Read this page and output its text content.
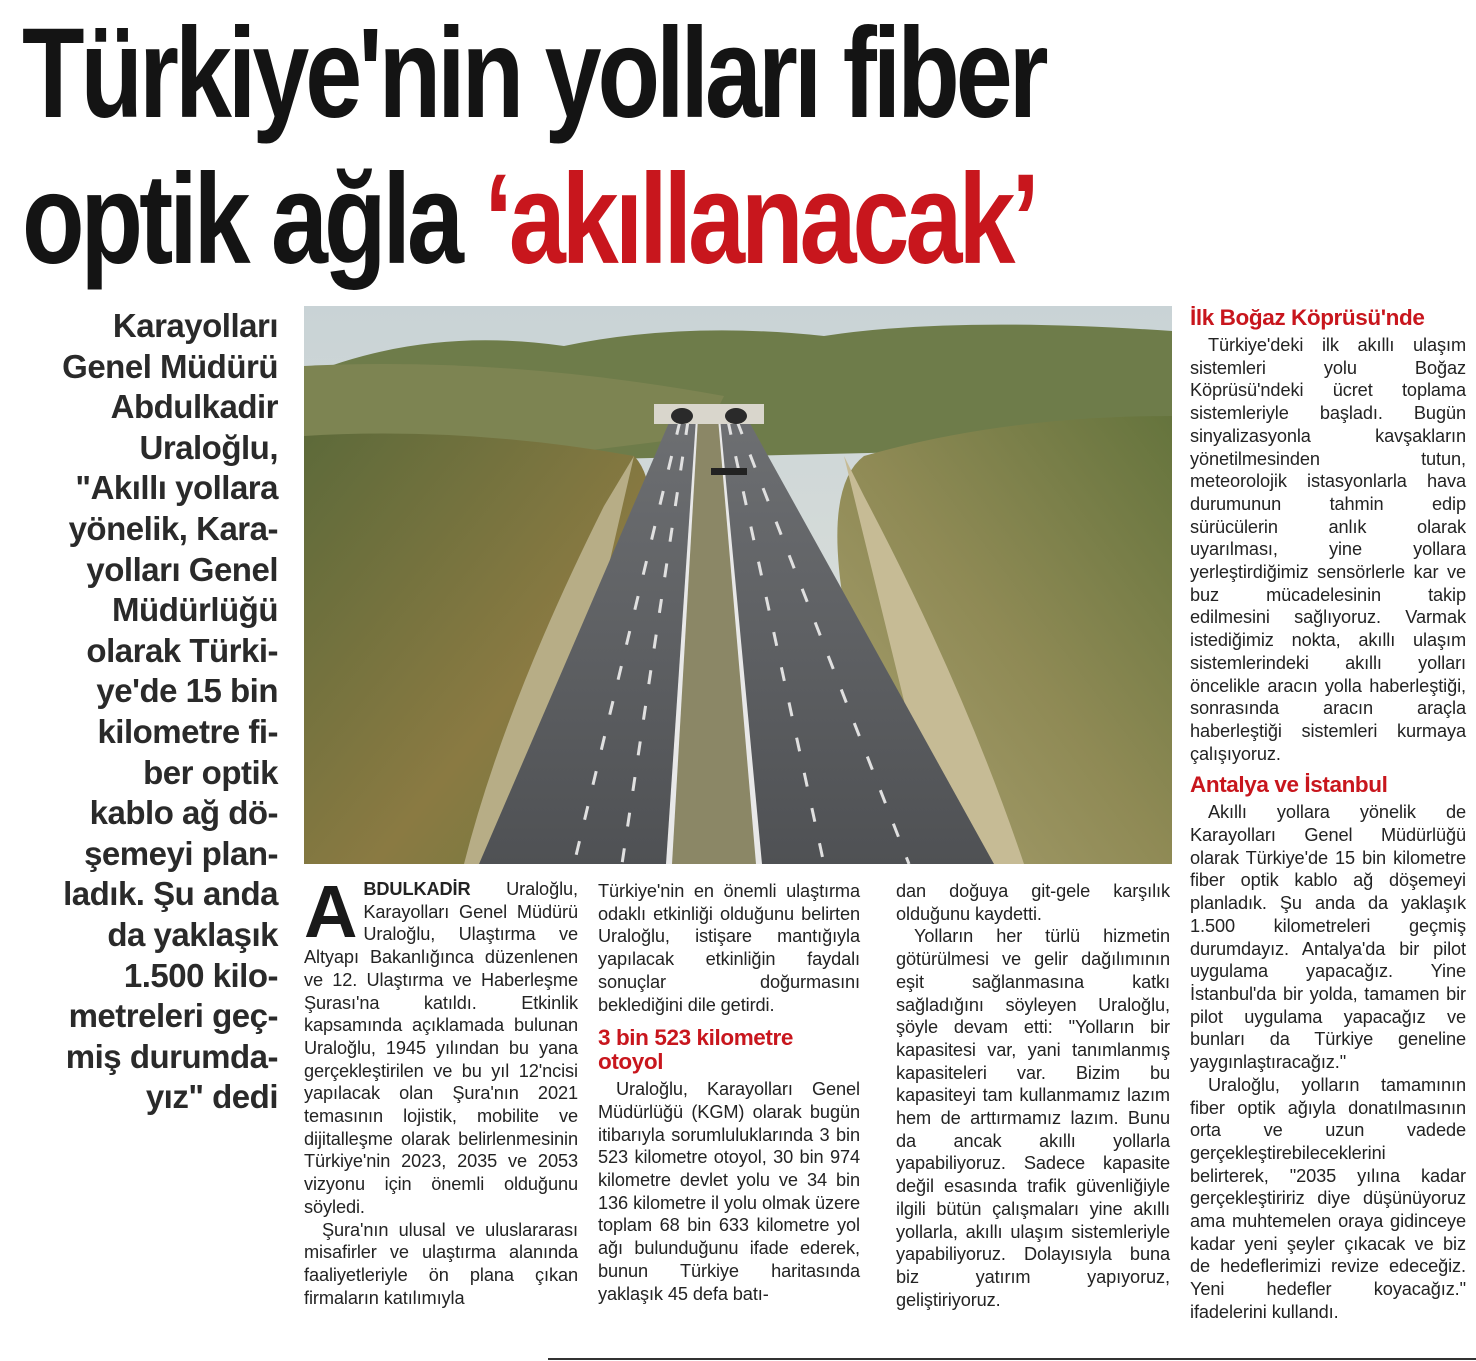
Türkiye'nin yolları fiber
optik ağla ‘akıllanacak’

Karayolları
Genel Müdürü
Abdulkadir
Uraloğlu,
"Akıllı yollara
yönelik, Kara-
yolları Genel
Müdürlüğü
olarak Türki-
ye'de 15 bin
kilometre fi-
ber optik
kablo ağ dö-
şemeyi plan-
ladık. Şu anda
da yaklaşık
1.500 kilo-
metreleri geç-
miş durumda-
yız" dedi

ABDULKADİR Uraloğlu, Karayolları Genel Müdürü Uraloğlu, Ulaştırma ve Altyapı Bakanlığınca düzenlenen ve 12. Ulaştırma ve Haberleşme Şurası'na katıldı. Etkinlik kapsamında açıklamada bulunan Uraloğlu, 1945 yılından bu yana gerçekleştirilen ve bu yıl 12'ncisi yapılacak olan Şura'nın 2021 temasının lojistik, mobilite ve dijitalleşme olarak belirlenmesinin Türkiye'nin 2023, 2035 ve 2053 vizyonu için önemli olduğunu söyledi.

Şura'nın ulusal ve uluslararası misafirler ve ulaştırma alanında faaliyetleriyle ön plana çıkan firmaların katılımıyla

Türkiye'nin en önemli ulaştırma odaklı etkinliği olduğunu belirten Uraloğlu, istişare mantığıyla yapılacak etkinliğin faydalı sonuçlar doğurmasını beklediğini dile getirdi.

3 bin 523 kilometre otoyol

Uraloğlu, Karayolları Genel Müdürlüğü (KGM) olarak bugün itibarıyla sorumluluklarında 3 bin 523 kilometre otoyol, 30 bin 974 kilometre devlet yolu ve 34 bin 136 kilometre il yolu olmak üzere toplam 68 bin 633 kilometre yol ağı bulunduğunu ifade ederek, bunun Türkiye haritasında yaklaşık 45 defa batı-

dan doğuya git-gele karşılık olduğunu kaydetti.

Yolların her türlü hizmetin götürülmesi ve gelir dağılımının eşit sağlanmasına katkı sağladığını söyleyen Uraloğlu, şöyle devam etti: "Yolların bir kapasitesi var, yani tanımlanmış kapasiteleri var. Bizim bu kapasiteyi tam kullanmamız lazım hem de arttırmamız lazım. Bunu da ancak akıllı yollarla yapabiliyoruz. Sadece kapasite değil esasında trafik güvenliğiyle ilgili bütün çalışmaları yine akıllı yollarla, akıllı ulaşım sistemleriyle yapabiliyoruz. Dolayısıyla buna biz yatırım yapıyoruz, geliştiriyoruz.

İlk Boğaz Köprüsü'nde

Türkiye'deki ilk akıllı ulaşım sistemleri yolu Boğaz Köprüsü'ndeki ücret toplama sistemleriyle başladı. Bugün sinyalizasyonla kavşakların yönetilmesinden tutun, meteorolojik istasyonlarla hava durumunun tahmin edip sürücülerin anlık olarak uyarılması, yine yollara yerleştirdiğimiz sensörlerle kar ve buz mücadelesinin takip edilmesini sağlıyoruz. Varmak istediğimiz nokta, akıllı ulaşım sistemlerindeki akıllı yolları öncelikle aracın yolla haberleştiği, sonrasında aracın araçla haberleştiği sistemleri kurmaya çalışıyoruz.

Antalya ve İstanbul

Akıllı yollara yönelik de Karayolları Genel Müdürlüğü olarak Türkiye'de 15 bin kilometre fiber optik kablo ağ döşemeyi planladık. Şu anda da yaklaşık 1.500 kilometreleri geçmiş durumdayız. Antalya'da bir pilot uygulama yapacağız. Yine İstanbul'da bir yolda, tamamen bir pilot uygulama yapacağız ve bunları da Türkiye geneline yaygınlaştıracağız."

Uraloğlu, yolların tamamının fiber optik ağıyla donatılmasının orta ve uzun vadede gerçekleştirebileceklerini belirterek, "2035 yılına kadar gerçekleştiririz diye düşünüyoruz ama muhtemelen oraya gidinceye kadar yeni şeyler çıkacak ve biz de hedeflerimizi revize edeceğiz. Yeni hedefler koyacağız." ifadelerini kullandı.
